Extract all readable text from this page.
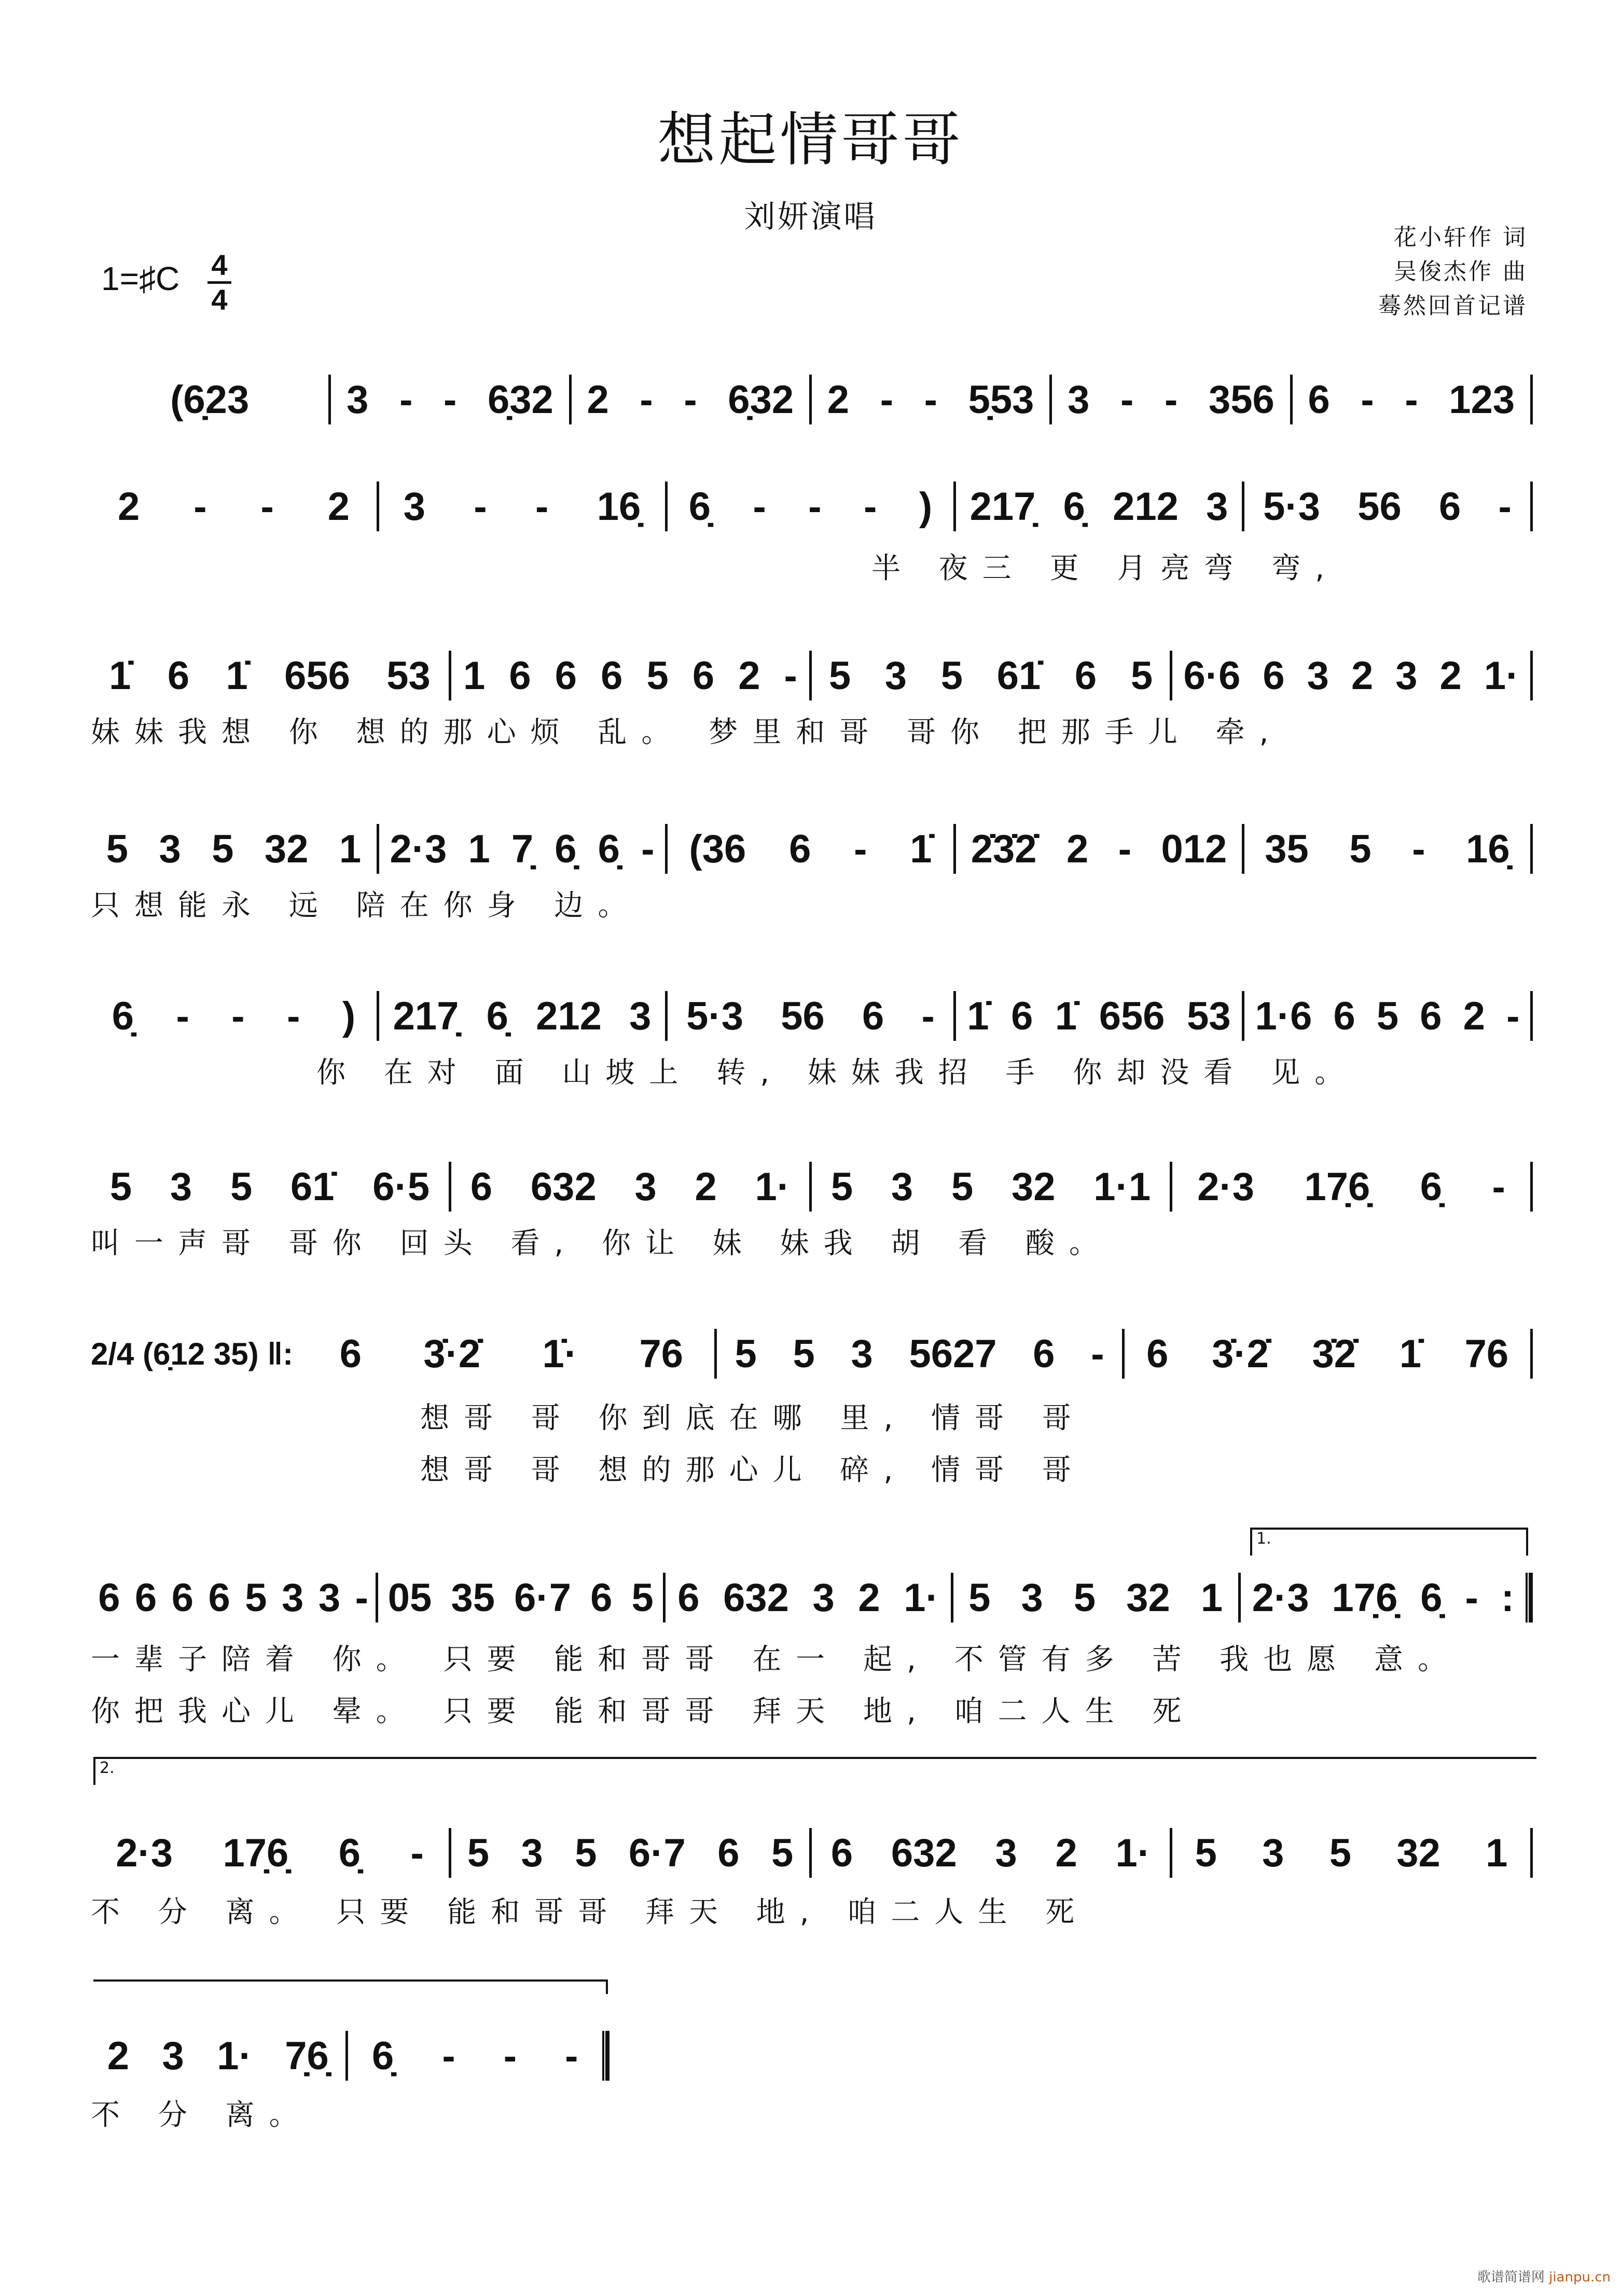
想起情哥哥
刘妍演唱
花小轩作 词
吴俊杰作 曲
蓦然回首记谱
1=♯C 4
4
(6̣23 3 - - 6̣32 2 - - 6̣32 2 - - 5̣53 3 - - 356 6 - - 123
2 - - 2 3 - - 16̣ 6̣ - - - ) 217̣ 6̣ 212 3 5·3 56 6 -
半 夜三 更 月亮弯 弯,
1̇ 6 1̇ 656 53 1 6 6 6 5 6 2 - 5 3 5 61̇ 6 5 6·6 6 3 2 3 2 1·
妹妹我想 你 想的那心烦 乱。 梦里和哥 哥你 把那手儿 牵,
5 3 5 32 1 2·3 1 7̣ 6̣ 6̣ - (36 6 - 1̇ 2̇3̇2̇ 2 - 012 35 5 - 16̣
只想能永 远 陪在你身 边。
6̣ - - - ) 217̣ 6̣ 212 3 5·3 56 6 - 1̇ 6 1̇ 656 53 1·6 6 5 6 2 -
你 在对 面 山坡上 转, 妹妹我招 手 你却没看 见。
5 3 5 61̇ 6·5 6 632 3 2 1· 5 3 5 32 1·1 2·3 17̣6̣ 6̣ -
叫一声哥 哥你 回头 看, 你让 妹 妹我 胡 看 酸。
2/4 (6̣12 35) ‖: 6 3̇·2̇ 1̇· 76 5 5 3 5627 6 - 6 3̇·2̇ 3̇2̇ 1̇ 76
想哥 哥 你到底在哪 里, 情哥 哥
想哥 哥 想的那心儿 碎, 情哥 哥
6 6 6 6 5 3 3 - 05 35 6·7 6 5 6 632 3 2 1· 5 3 5 32 1 2·3 17̣6̣ 6̣ - :
1.
一辈子陪着 你。 只要 能和哥哥 在一 起, 不管有多 苦 我也愿 意。
你把我心儿 晕。 只要 能和哥哥 拜天 地, 咱二人生 死
2·3 17̣6̣ 6̣ - 5 3 5 6·7 6 5 6 632 3 2 1· 5 3 5 32 1
2.
不 分 离。 只要 能和哥哥 拜天 地, 咱二人生 死
2 3 1· 7̣6̣ 6̣ - - -
不 分 离。
歌谱简谱网 jianpu.cn
